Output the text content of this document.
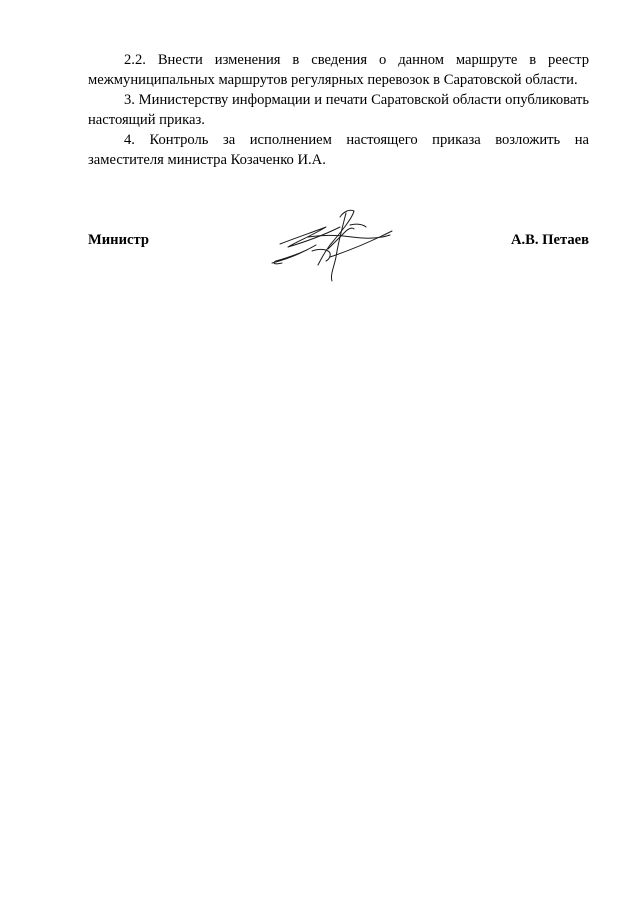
2.2. Внести изменения в сведения о данном маршруте в реестр межмуниципальных маршрутов регулярных перевозок в Саратовской области.

3. Министерству информации и печати Саратовской области опубликовать настоящий приказ.

4. Контроль за исполнением настоящего приказа возложить на заместителя министра Козаченко И.А.

Министр	А.В. Петаев
